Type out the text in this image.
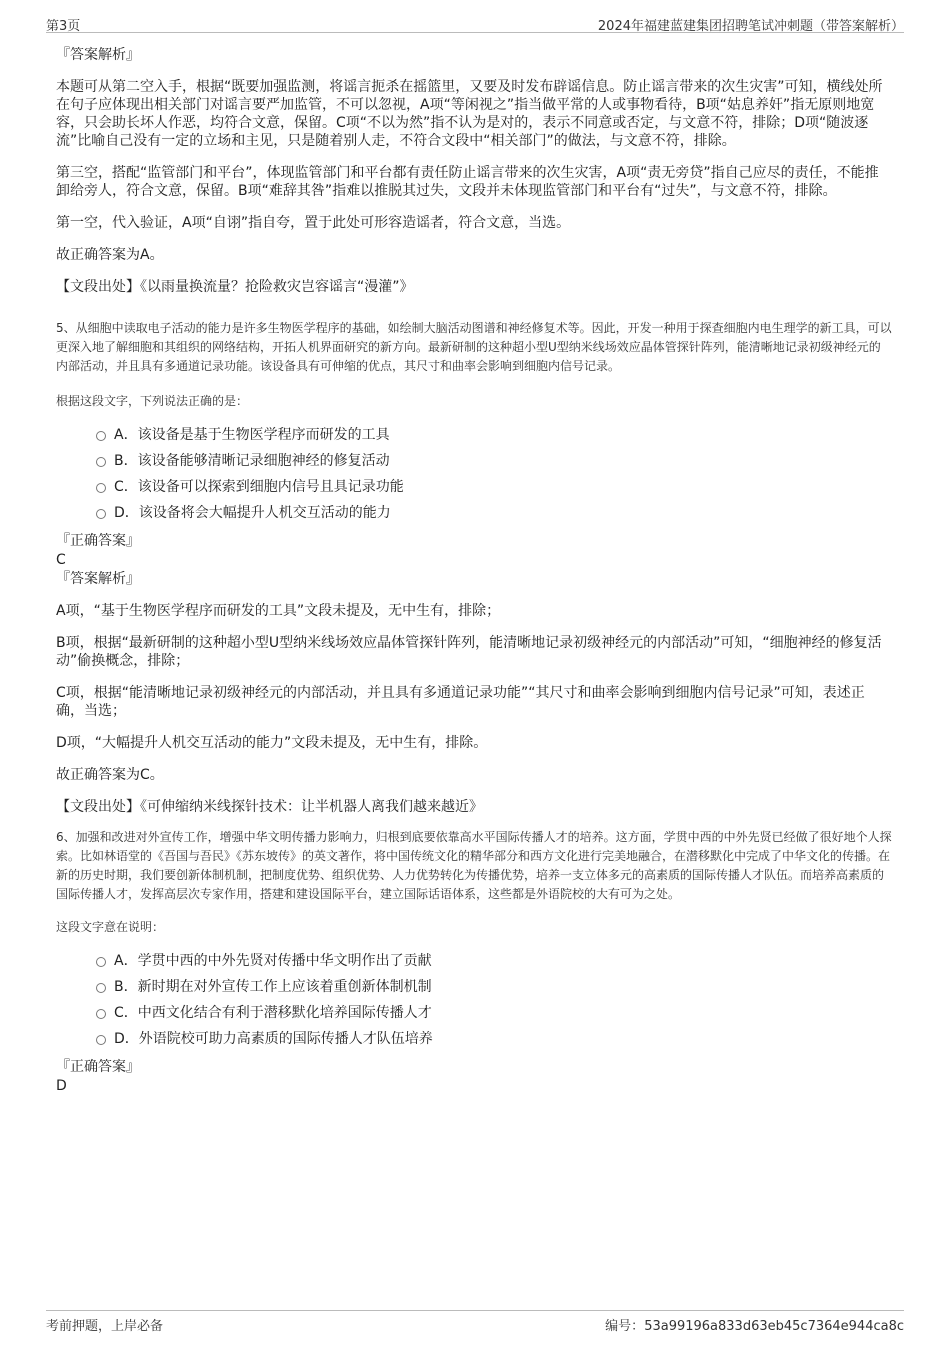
第3页	2024年福建蓝建集团招聘笔试冲刺题（带答案解析）

『答案解析』

本题可从第二空入手，根据“既要加强监测，将谣言扼杀在摇篮里，又要及时发布辟谣信息。防止谣言带来的次生灾害”可知，横线处所在句子应体现出相关部门对谣言要严加监管，不可以忽视，A项“等闲视之”指当做平常的人或事物看待，B项“姑息养奸”指无原则地宽容，只会助长坏人作恶，均符合文意，保留。C项“不以为然”指不认为是对的，表示不同意或否定，与文意不符，排除；D项“随波逐流”比喻自己没有一定的立场和主见，只是随着别人走，不符合文段中“相关部门”的做法，与文意不符，排除。

第三空，搭配“监管部门和平台”，体现监管部门和平台都有责任防止谣言带来的次生灾害，A项“责无旁贷”指自己应尽的责任，不能推卸给旁人，符合文意，保留。B项“难辞其咎”指难以推脱其过失，文段并未体现监管部门和平台有“过失”，与文意不符，排除。

第一空，代入验证，A项“自诩”指自夸，置于此处可形容造谣者，符合文意，当选。

故正确答案为A。

【文段出处】《以雨量换流量？抢险救灾岂容谣言“漫灌”》

5、从细胞中读取电子活动的能力是许多生物医学程序的基础，如绘制大脑活动图谱和神经修复术等。因此，开发一种用于探查细胞内电生理学的新工具，可以更深入地了解细胞和其组织的网络结构，开拓人机界面研究的新方向。最新研制的这种超小型U型纳米线场效应晶体管探针阵列，能清晰地记录初级神经元的内部活动，并且具有多通道记录功能。该设备具有可伸缩的优点，其尺寸和曲率会影响到细胞内信号记录。

根据这段文字，下列说法正确的是：

A．该设备是基于生物医学程序而研发的工具
B．该设备能够清晰记录细胞神经的修复活动
C．该设备可以探索到细胞内信号且具记录功能
D．该设备将会大幅提升人机交互活动的能力

『正确答案』

C

『答案解析』

A项，“基于生物医学程序而研发的工具”文段未提及，无中生有，排除；

B项，根据“最新研制的这种超小型U型纳米线场效应晶体管探针阵列，能清晰地记录初级神经元的内部活动”可知，“细胞神经的修复活动”偷换概念，排除；

C项，根据“能清晰地记录初级神经元的内部活动，并且具有多通道记录功能”“其尺寸和曲率会影响到细胞内信号记录”可知，表述正确，当选；

D项，“大幅提升人机交互活动的能力”文段未提及，无中生有，排除。

故正确答案为C。

【文段出处】《可伸缩纳米线探针技术：让半机器人离我们越来越近》

6、加强和改进对外宣传工作，增强中华文明传播力影响力，归根到底要依靠高水平国际传播人才的培养。这方面，学贯中西的中外先贤已经做了很好地个人探索。比如林语堂的《吾国与吾民》《苏东坡传》的英文著作，将中国传统文化的精华部分和西方文化进行完美地融合，在潜移默化中完成了中华文化的传播。在新的历史时期，我们要创新体制机制，把制度优势、组织优势、人力优势转化为传播优势，培养一支立体多元的高素质的国际传播人才队伍。而培养高素质的国际传播人才，发挥高层次专家作用，搭建和建设国际平台，建立国际话语体系，这些都是外语院校的大有可为之处。

这段文字意在说明：

A．学贯中西的中外先贤对传播中华文明作出了贡献
B．新时期在对外宣传工作上应该着重创新体制机制
C．中西文化结合有利于潜移默化培养国际传播人才
D．外语院校可助力高素质的国际传播人才队伍培养

『正确答案』

D

考前押题，上岸必备	编号：53a99196a833d63eb45c7364e944ca8c
